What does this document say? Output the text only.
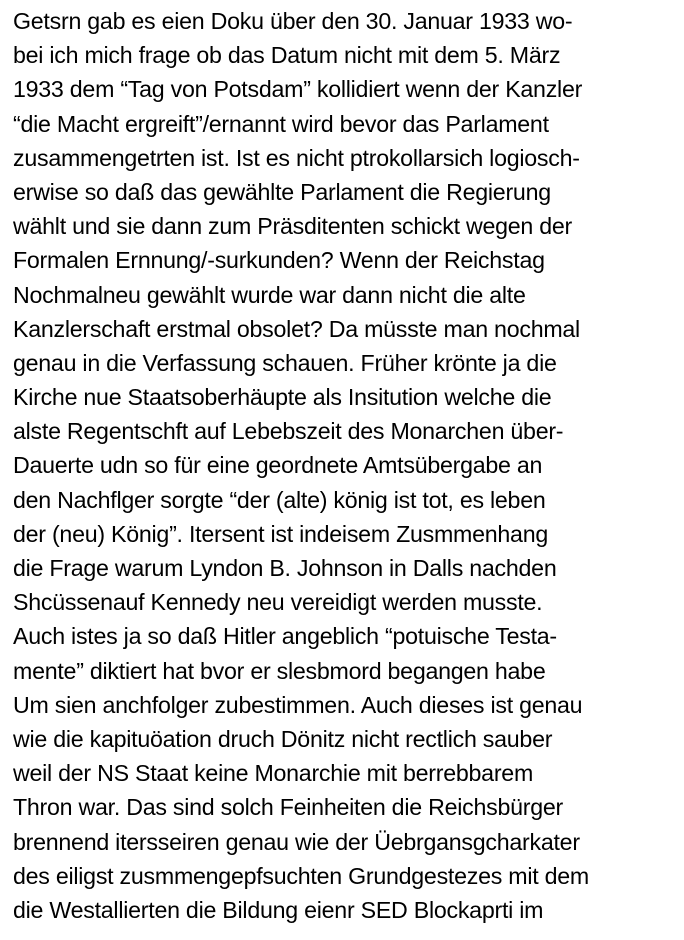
Getsrn gab es eien Doku über den 30. Januar 1933 wo-
bei ich mich frage ob das Datum nicht mit dem 5. März
1933 dem “Tag von Potsdam” kollidiert wenn der Kanzler
“die Macht ergreift”/ernannt wird bevor das Parlament
zusammengetrten ist. Ist es nicht ptrokollarsich logiosch-
erwise so daß das gewählte Parlament die Regierung
wählt und sie dann zum Präsditenten schickt wegen der
Formalen Ernnung/-surkunden? Wenn der Reichstag
Nochmalneu gewählt wurde war dann nicht die alte
Kanzlerschaft erstmal obsolet? Da müsste man nochmal
genau in die Verfassung schauen. Früher krönte ja die
Kirche nue Staatsoberhäupte als Insitution welche die
alste Regentschft auf Lebebszeit des Monarchen über-
Dauerte udn so für eine geordnete Amtsübergabe an
den Nachflger sorgte “der (alte) könig ist tot, es leben
der (neu) König”. Itersent ist indeisem Zusmmenhang
die Frage warum Lyndon B. Johnson in Dalls nachden
Shcüssenauf Kennedy neu vereidigt werden musste.
Auch istes ja so daß Hitler angeblich “potuische Testa-
mente” diktiert hat bvor er slesbmord begangen habe
Um sien anchfolger zubestimmen. Auch dieses ist genau
wie die kapituöation druch Dönitz nicht rectlich sauber
weil der NS Staat keine Monarchie mit berrebbarem
Thron war. Das sind solch Feinheiten die Reichsbürger
brennend itersseiren genau wie der Üebrgansgcharkater
des eiligst zusmmengepfsuchten Grundgestezes mit dem
die Westallierten die Bildung eienr SED Blockaprti im
